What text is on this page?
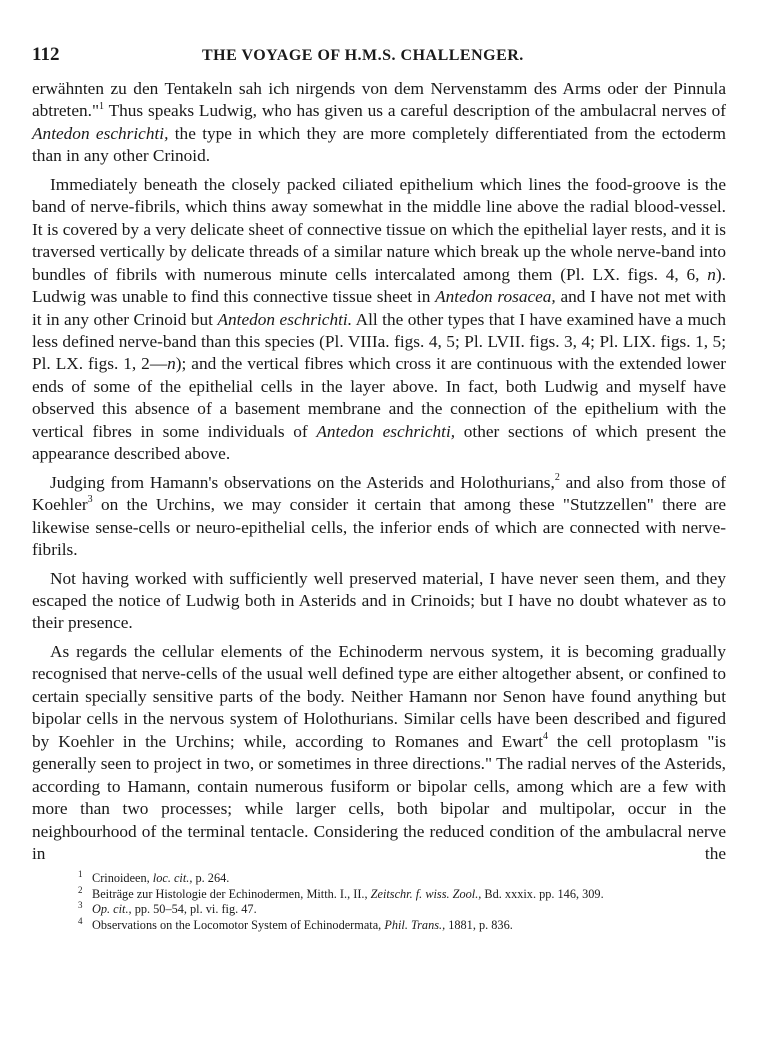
112	THE VOYAGE OF H.M.S. CHALLENGER.

erwähnten zu den Tentakeln sah ich nirgends von dem Nervenstamm des Arms oder der Pinnula abtreten."$^1$ Thus speaks Ludwig, who has given us a careful description of the ambulacral nerves of Antedon eschrichti, the type in which they are more completely differentiated from the ectoderm than in any other Crinoid.

Immediately beneath the closely packed ciliated epithelium which lines the food-groove is the band of nerve-fibrils, which thins away somewhat in the middle line above the radial blood-vessel. It is covered by a very delicate sheet of connective tissue on which the epithelial layer rests, and it is traversed vertically by delicate threads of a similar nature which break up the whole nerve-band into bundles of fibrils with numerous minute cells intercalated among them (Pl. LX. figs. 4, 6, n). Ludwig was unable to find this connective tissue sheet in Antedon rosacea, and I have not met with it in any other Crinoid but Antedon eschrichti. All the other types that I have examined have a much less defined nerve-band than this species (Pl. VIIIa. figs. 4, 5; Pl. LVII. figs. 3, 4; Pl. LIX. figs. 1, 5; Pl. LX. figs. 1, 2—n); and the vertical fibres which cross it are continuous with the extended lower ends of some of the epithelial cells in the layer above. In fact, both Ludwig and myself have observed this absence of a basement membrane and the connection of the epithelium with the vertical fibres in some individuals of Antedon eschrichti, other sections of which present the appearance described above.

Judging from Hamann's observations on the Asterids and Holothurians,$^2$ and also from those of Koehler$^3$ on the Urchins, we may consider it certain that among these "Stutzzellen" there are likewise sense-cells or neuro-epithelial cells, the inferior ends of which are connected with nerve-fibrils.

Not having worked with sufficiently well preserved material, I have never seen them, and they escaped the notice of Ludwig both in Asterids and in Crinoids; but I have no doubt whatever as to their presence.

As regards the cellular elements of the Echinoderm nervous system, it is becoming gradually recognised that nerve-cells of the usual well defined type are either altogether absent, or confined to certain specially sensitive parts of the body. Neither Hamann nor Senon have found anything but bipolar cells in the nervous system of Holothurians. Similar cells have been described and figured by Koehler in the Urchins; while, according to Romanes and Ewart$^4$ the cell protoplasm "is generally seen to project in two, or sometimes in three directions." The radial nerves of the Asterids, according to Hamann, contain numerous fusiform or bipolar cells, among which are a few with more than two processes; while larger cells, both bipolar and multipolar, occur in the neighbourhood of the terminal tentacle. Considering the reduced condition of the ambulacral nerve in the

1 Crinoideen, loc. cit., p. 264.
2 Beiträge zur Histologie der Echinodermen, Mitth. I., II., Zeitschr. f. wiss. Zool., Bd. xxxix. pp. 146, 309.
3 Op. cit., pp. 50–54, pl. vi. fig. 47.
4 Observations on the Locomotor System of Echinodermata, Phil. Trans., 1881, p. 836.
